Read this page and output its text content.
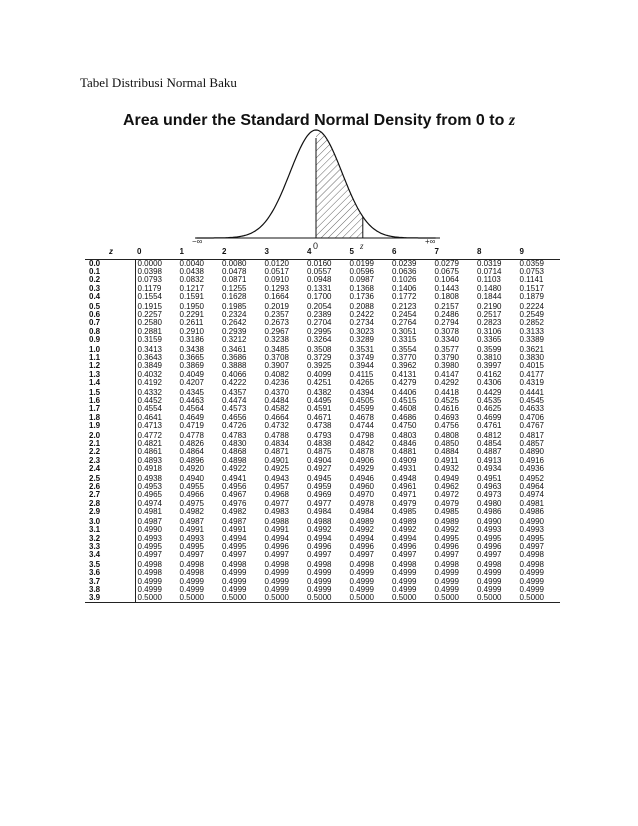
Tabel Distribusi Normal Baku

Area under the Standard Normal Density from 0 to z
−∞	0	z	+∞
z	0	1	2	3	4	5	6	7	8	9
0.0	0.0000	0.0040	0.0080	0.0120	0.0160	0.0199	0.0239	0.0279	0.0319	0.0359
0.1	0.0398	0.0438	0.0478	0.0517	0.0557	0.0596	0.0636	0.0675	0.0714	0.0753
0.2	0.0793	0.0832	0.0871	0.0910	0.0948	0.0987	0.1026	0.1064	0.1103	0.1141
0.3	0.1179	0.1217	0.1255	0.1293	0.1331	0.1368	0.1406	0.1443	0.1480	0.1517
0.4	0.1554	0.1591	0.1628	0.1664	0.1700	0.1736	0.1772	0.1808	0.1844	0.1879
0.5	0.1915	0.1950	0.1985	0.2019	0.2054	0.2088	0.2123	0.2157	0.2190	0.2224
0.6	0.2257	0.2291	0.2324	0.2357	0.2389	0.2422	0.2454	0.2486	0.2517	0.2549
0.7	0.2580	0.2611	0.2642	0.2673	0.2704	0.2734	0.2764	0.2794	0.2823	0.2852
0.8	0.2881	0.2910	0.2939	0.2967	0.2995	0.3023	0.3051	0.3078	0.3106	0.3133
0.9	0.3159	0.3186	0.3212	0.3238	0.3264	0.3289	0.3315	0.3340	0.3365	0.3389
1.0	0.3413	0.3438	0.3461	0.3485	0.3508	0.3531	0.3554	0.3577	0.3599	0.3621
1.1	0.3643	0.3665	0.3686	0.3708	0.3729	0.3749	0.3770	0.3790	0.3810	0.3830
1.2	0.3849	0.3869	0.3888	0.3907	0.3925	0.3944	0.3962	0.3980	0.3997	0.4015
1.3	0.4032	0.4049	0.4066	0.4082	0.4099	0.4115	0.4131	0.4147	0.4162	0.4177
1.4	0.4192	0.4207	0.4222	0.4236	0.4251	0.4265	0.4279	0.4292	0.4306	0.4319
1.5	0.4332	0.4345	0.4357	0.4370	0.4382	0.4394	0.4406	0.4418	0.4429	0.4441
1.6	0.4452	0.4463	0.4474	0.4484	0.4495	0.4505	0.4515	0.4525	0.4535	0.4545
1.7	0.4554	0.4564	0.4573	0.4582	0.4591	0.4599	0.4608	0.4616	0.4625	0.4633
1.8	0.4641	0.4649	0.4656	0.4664	0.4671	0.4678	0.4686	0.4693	0.4699	0.4706
1.9	0.4713	0.4719	0.4726	0.4732	0.4738	0.4744	0.4750	0.4756	0.4761	0.4767
2.0	0.4772	0.4778	0.4783	0.4788	0.4793	0.4798	0.4803	0.4808	0.4812	0.4817
2.1	0.4821	0.4826	0.4830	0.4834	0.4838	0.4842	0.4846	0.4850	0.4854	0.4857
2.2	0.4861	0.4864	0.4868	0.4871	0.4875	0.4878	0.4881	0.4884	0.4887	0.4890
2.3	0.4893	0.4896	0.4898	0.4901	0.4904	0.4906	0.4909	0.4911	0.4913	0.4916
2.4	0.4918	0.4920	0.4922	0.4925	0.4927	0.4929	0.4931	0.4932	0.4934	0.4936
2.5	0.4938	0.4940	0.4941	0.4943	0.4945	0.4946	0.4948	0.4949	0.4951	0.4952
2.6	0.4953	0.4955	0.4956	0.4957	0.4959	0.4960	0.4961	0.4962	0.4963	0.4964
2.7	0.4965	0.4966	0.4967	0.4968	0.4969	0.4970	0.4971	0.4972	0.4973	0.4974
2.8	0.4974	0.4975	0.4976	0.4977	0.4977	0.4978	0.4979	0.4979	0.4980	0.4981
2.9	0.4981	0.4982	0.4982	0.4983	0.4984	0.4984	0.4985	0.4985	0.4986	0.4986
3.0	0.4987	0.4987	0.4987	0.4988	0.4988	0.4989	0.4989	0.4989	0.4990	0.4990
3.1	0.4990	0.4991	0.4991	0.4991	0.4992	0.4992	0.4992	0.4992	0.4993	0.4993
3.2	0.4993	0.4993	0.4994	0.4994	0.4994	0.4994	0.4994	0.4995	0.4995	0.4995
3.3	0.4995	0.4995	0.4995	0.4996	0.4996	0.4996	0.4996	0.4996	0.4996	0.4997
3.4	0.4997	0.4997	0.4997	0.4997	0.4997	0.4997	0.4997	0.4997	0.4997	0.4998
3.5	0.4998	0.4998	0.4998	0.4998	0.4998	0.4998	0.4998	0.4998	0.4998	0.4998
3.6	0.4998	0.4998	0.4999	0.4999	0.4999	0.4999	0.4999	0.4999	0.4999	0.4999
3.7	0.4999	0.4999	0.4999	0.4999	0.4999	0.4999	0.4999	0.4999	0.4999	0.4999
3.8	0.4999	0.4999	0.4999	0.4999	0.4999	0.4999	0.4999	0.4999	0.4999	0.4999
3.9	0.5000	0.5000	0.5000	0.5000	0.5000	0.5000	0.5000	0.5000	0.5000	0.5000
